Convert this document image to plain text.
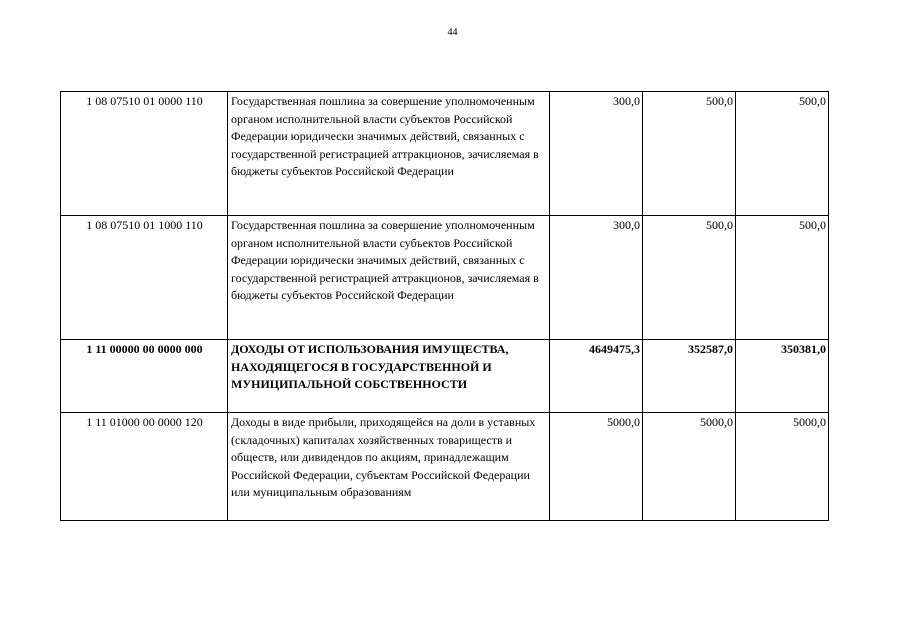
44
1 08 07510 01 0000 110	Государственная пошлина за совершение уполномоченным органом исполнительной власти субъектов Российской Федерации юридически значимых действий, связанных с государственной регистрацией аттракционов, зачисляемая в бюджеты субъектов Российской Федерации	300,0	500,0	500,0
1 08 07510 01 1000 110	Государственная пошлина за совершение уполномоченным органом исполнительной власти субъектов Российской Федерации юридически значимых действий, связанных с государственной регистрацией аттракционов, зачисляемая в бюджеты субъектов Российской Федерации	300,0	500,0	500,0
1 11 00000 00 0000 000	ДОХОДЫ ОТ ИСПОЛЬЗОВАНИЯ ИМУЩЕСТВА, НАХОДЯЩЕГОСЯ В ГОСУДАРСТВЕННОЙ И МУНИЦИПАЛЬНОЙ СОБСТВЕННОСТИ	4649475,3	352587,0	350381,0
1 11 01000 00 0000 120	Доходы в виде прибыли, приходящейся на доли в уставных (складочных) капиталах хозяйственных товариществ и обществ, или дивидендов по акциям, принадлежащим Российской Федерации, субъектам Российской Федерации или муниципальным образованиям	5000,0	5000,0	5000,0
